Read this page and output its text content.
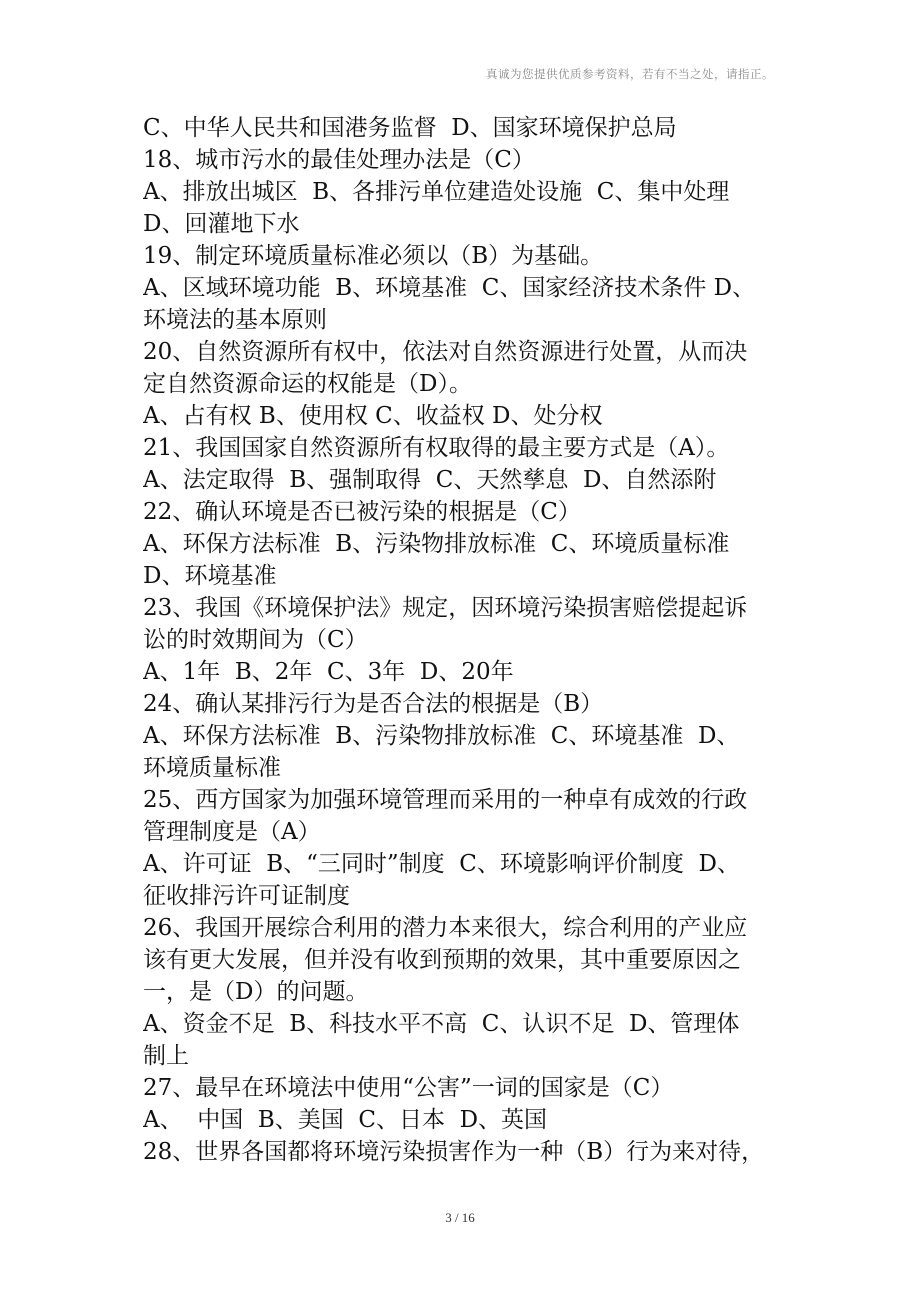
真诚为您提供优质参考资料，若有不当之处，请指正。
C、中华人民共和国港务监督  D、国家环境保护总局
18、城市污水的最佳处理办法是（C）
A、排放出城区  B、各排污单位建造处设施  C、集中处理
D、回灌地下水
19、制定环境质量标准必须以（B）为基础。
A、区域环境功能  B、环境基准  C、国家经济技术条件 D、
环境法的基本原则
20、自然资源所有权中，依法对自然资源进行处置，从而决
定自然资源命运的权能是（D）。
A、占有权 B、使用权 C、收益权 D、处分权
21、我国国家自然资源所有权取得的最主要方式是（A）。
A、法定取得  B、强制取得  C、天然孳息  D、自然添附
22、确认环境是否已被污染的根据是（C）
A、环保方法标准  B、污染物排放标准  C、环境质量标准
D、环境基准
23、我国《环境保护法》规定，因环境污染损害赔偿提起诉
讼的时效期间为（C）
A、1年  B、2年  C、3年  D、20年
24、确认某排污行为是否合法的根据是（B）
A、环保方法标准  B、污染物排放标准  C、环境基准  D、
环境质量标准
25、西方国家为加强环境管理而采用的一种卓有成效的行政
管理制度是（A）
A、许可证  B、“三同时”制度  C、环境影响评价制度  D、
征收排污许可证制度
26、我国开展综合利用的潜力本来很大，综合利用的产业应
该有更大发展，但并没有收到预期的效果，其中重要原因之
一，是（D）的问题。
A、资金不足  B、科技水平不高  C、认识不足  D、管理体
制上
27、最早在环境法中使用“公害”一词的国家是（C）
A、  中国  B、美国  C、日本  D、英国
28、世界各国都将环境污染损害作为一种（B）行为来对待，
3 / 16
